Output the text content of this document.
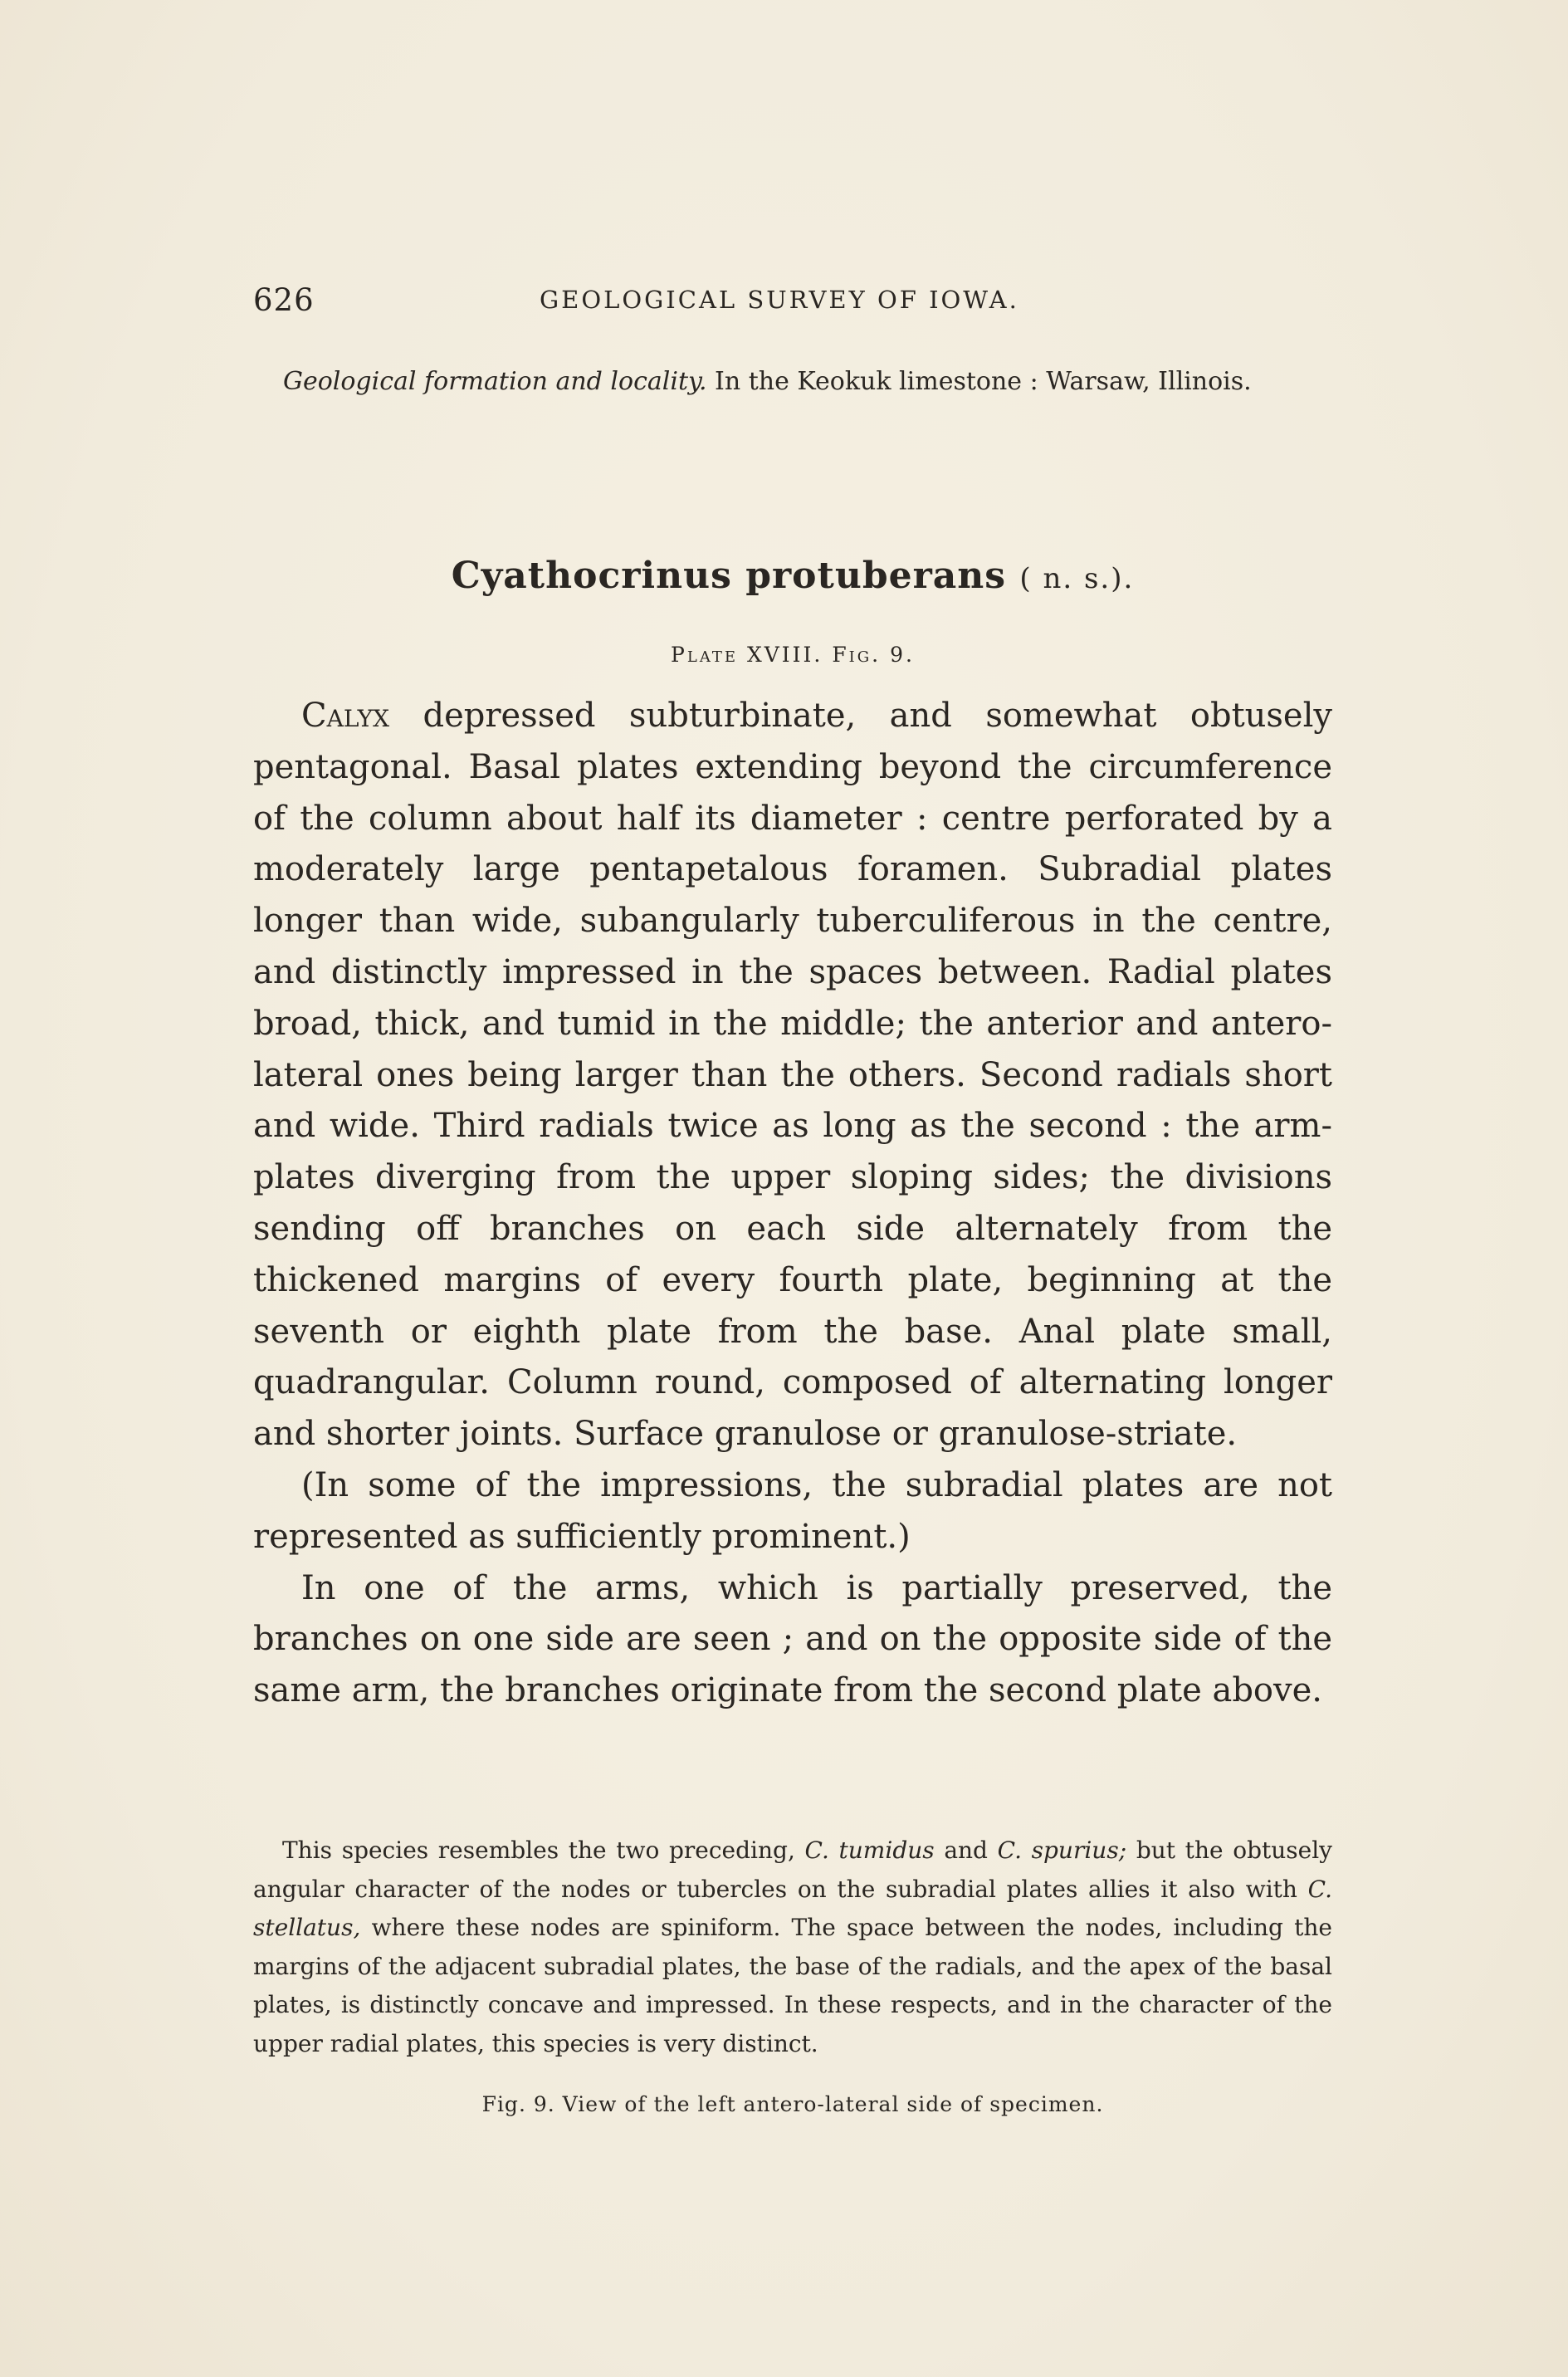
626	GEOLOGICAL SURVEY OF IOWA.
Geological formation and locality. In the Keokuk limestone : Warsaw, Illinois.
Cyathocrinus protuberans ( n. s.).
Plate XVIII. Fig. 9.

Calyx depressed subturbinate, and somewhat obtusely pentagonal. Basal plates extending beyond the circumference of the column about half its diameter : centre perforated by a moderately large pentapetalous foramen. Subradial plates longer than wide, subangularly tuberculiferous in the centre, and distinctly impressed in the spaces between. Radial plates broad, thick, and tumid in the middle; the anterior and antero-lateral ones being larger than the others. Second radials short and wide. Third radials twice as long as the second : the arm-plates diverging from the upper sloping sides; the divisions sending off branches on each side alternately from the thickened margins of every fourth plate, beginning at the seventh or eighth plate from the base. Anal plate small, quadrangular. Column round, composed of alternating longer and shorter joints. Surface granulose or granulose-striate.

(In some of the impressions, the subradial plates are not represented as sufficiently prominent.)

In one of the arms, which is partially preserved, the branches on one side are seen ; and on the opposite side of the same arm, the branches originate from the second plate above.

This species resembles the two preceding, C. tumidus and C. spurius; but the obtusely angular character of the nodes or tubercles on the subradial plates allies it also with C. stellatus, where these nodes are spiniform. The space between the nodes, including the margins of the adjacent subradial plates, the base of the radials, and the apex of the basal plates, is distinctly concave and impressed. In these respects, and in the character of the upper radial plates, this species is very distinct.

Fig. 9. View of the left antero-lateral side of specimen.
